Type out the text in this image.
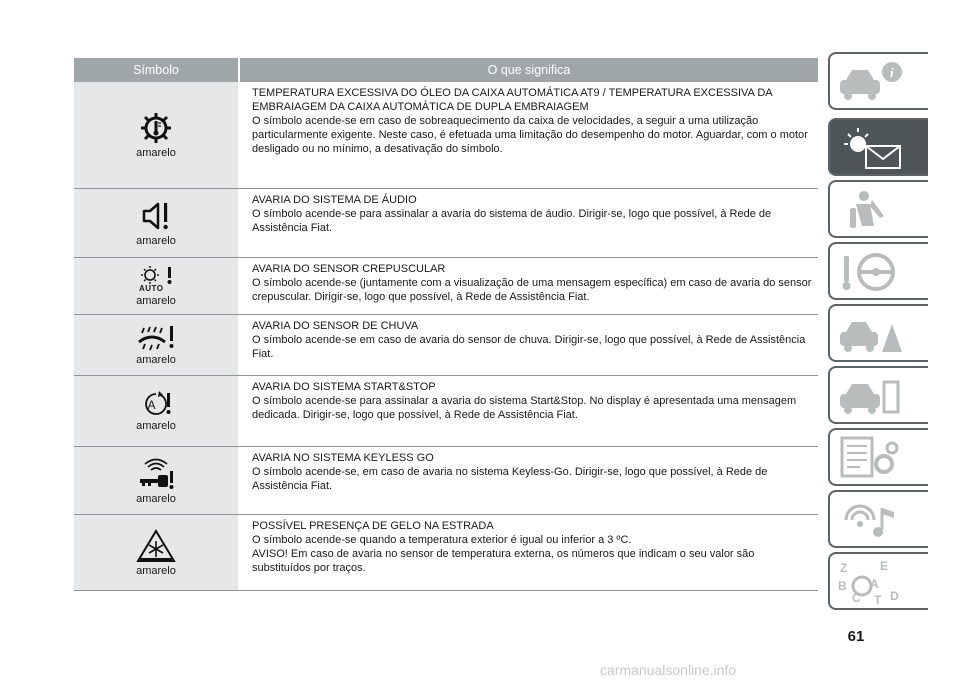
Símbolo	O que significa
amarelo

TEMPERATURA EXCESSIVA DO ÓLEO DA CAIXA AUTOMÁTICA AT9 / TEMPERATURA EXCESSIVA DA EMBRAIAGEM DA CAIXA AUTOMÁTICA DE DUPLA EMBRAIAGEM

O símbolo acende-se em caso de sobreaquecimento da caixa de velocidades, a seguir a uma utilização particularmente exigente. Neste caso, é efetuada uma limitação do desempenho do motor. Aguardar, com o motor desligado ou no mínimo, a desativação do símbolo.

amarelo

AVARIA DO SISTEMA DE ÁUDIO

O símbolo acende-se para assinalar a avaria do sistema de áudio. Dirigir-se, logo que possível, à Rede de Assistência Fiat.

AUTO
amarelo

AVARIA DO SENSOR CREPUSCULAR

O símbolo acende-se (juntamente com a visualização de uma mensagem específica) em caso de avaria do sensor crepuscular. Dirigir-se, logo que possível, à Rede de Assistência Fiat.

amarelo

AVARIA DO SENSOR DE CHUVA

O símbolo acende-se em caso de avaria do sensor de chuva. Dirigir-se, logo que possível, à Rede de Assistência Fiat.

A
amarelo

AVARIA DO SISTEMA START&STOP

O símbolo acende-se para assinalar a avaria do sistema Start&Stop. No display é apresentada uma mensagem dedicada. Dirigir-se, logo que possível, à Rede de Assistência Fiat.

amarelo

AVARIA NO SISTEMA KEYLESS GO

O símbolo acende-se, em caso de avaria no sistema Keyless-Go. Dirigir-se, logo que possível, à Rede de Assistência Fiat.

amarelo

POSSÍVEL PRESENÇA DE GELO NA ESTRADA

O símbolo acende-se quando a temperatura exterior é igual ou inferior a 3 ºC.

AVISO! Em caso de avaria no sensor de temperatura externa, os números que indicam o seu valor são substituídos por traços.

i
Z	E
B A
D
C T
61
carmanualsonline.info
